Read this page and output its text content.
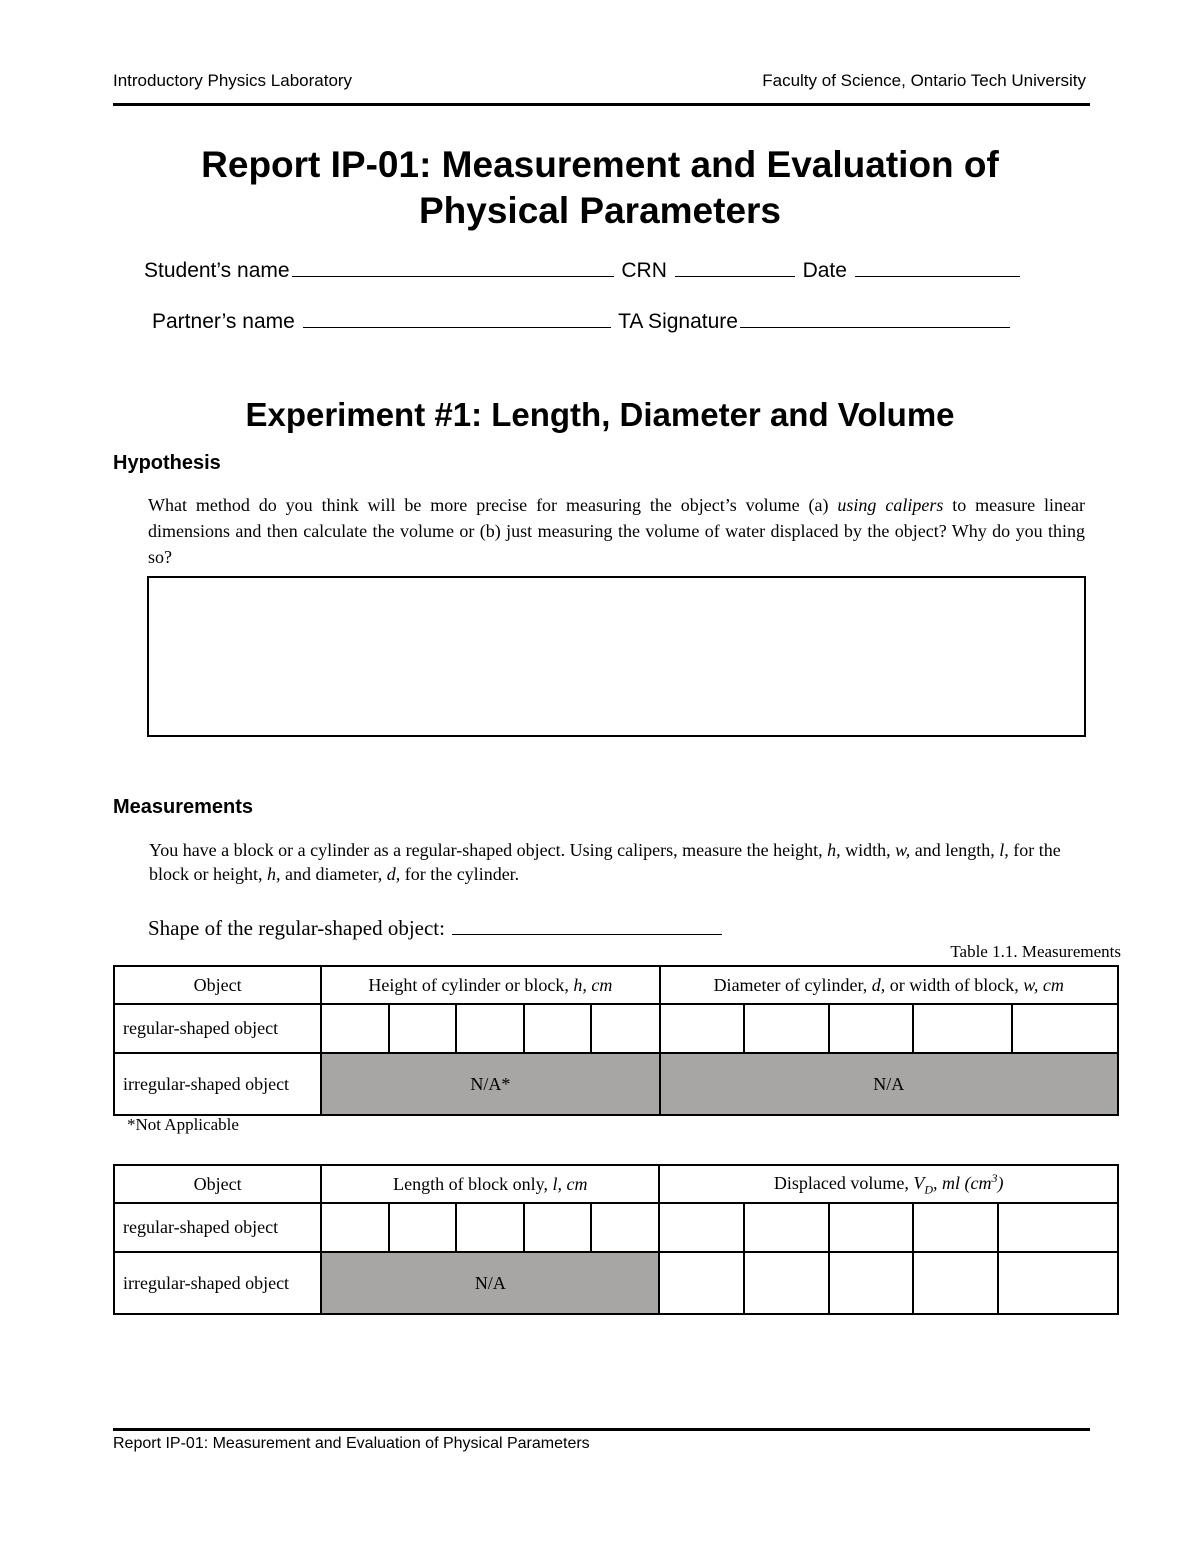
Introductory Physics Laboratory	Faculty of Science, Ontario Tech University
Report IP-01: Measurement and Evaluation of
Physical Parameters
Student’s name	CRN	Date
Partner’s name	TA Signature
Experiment #1: Length, Diameter and Volume
Hypothesis
What method do you think will be more precise for measuring the object’s volume (a) using calipers to measure linear dimensions and then calculate the volume or (b) just measuring the volume of water displaced by the object? Why do you thing so?
Measurements
You have a block or a cylinder as a regular-shaped object. Using calipers, measure the height, h, width, w, and length, l, for the block or height, h, and diameter, d, for the cylinder.
Shape of the regular-shaped object:
Table 1.1. Measurements
Object	Height of cylinder or block, h, cm					Diameter of cylinder, d, or width of block, w, cm				
regular-shaped object										
irregular-shaped object	N/A*					N/A				
*Not Applicable
Object	Length of block only, l, cm					Displaced volume, $V_D$, ml $(cm^3)$				
regular-shaped object										
irregular-shaped object	N/A									
Report IP-01: Measurement and Evaluation of Physical Parameters
